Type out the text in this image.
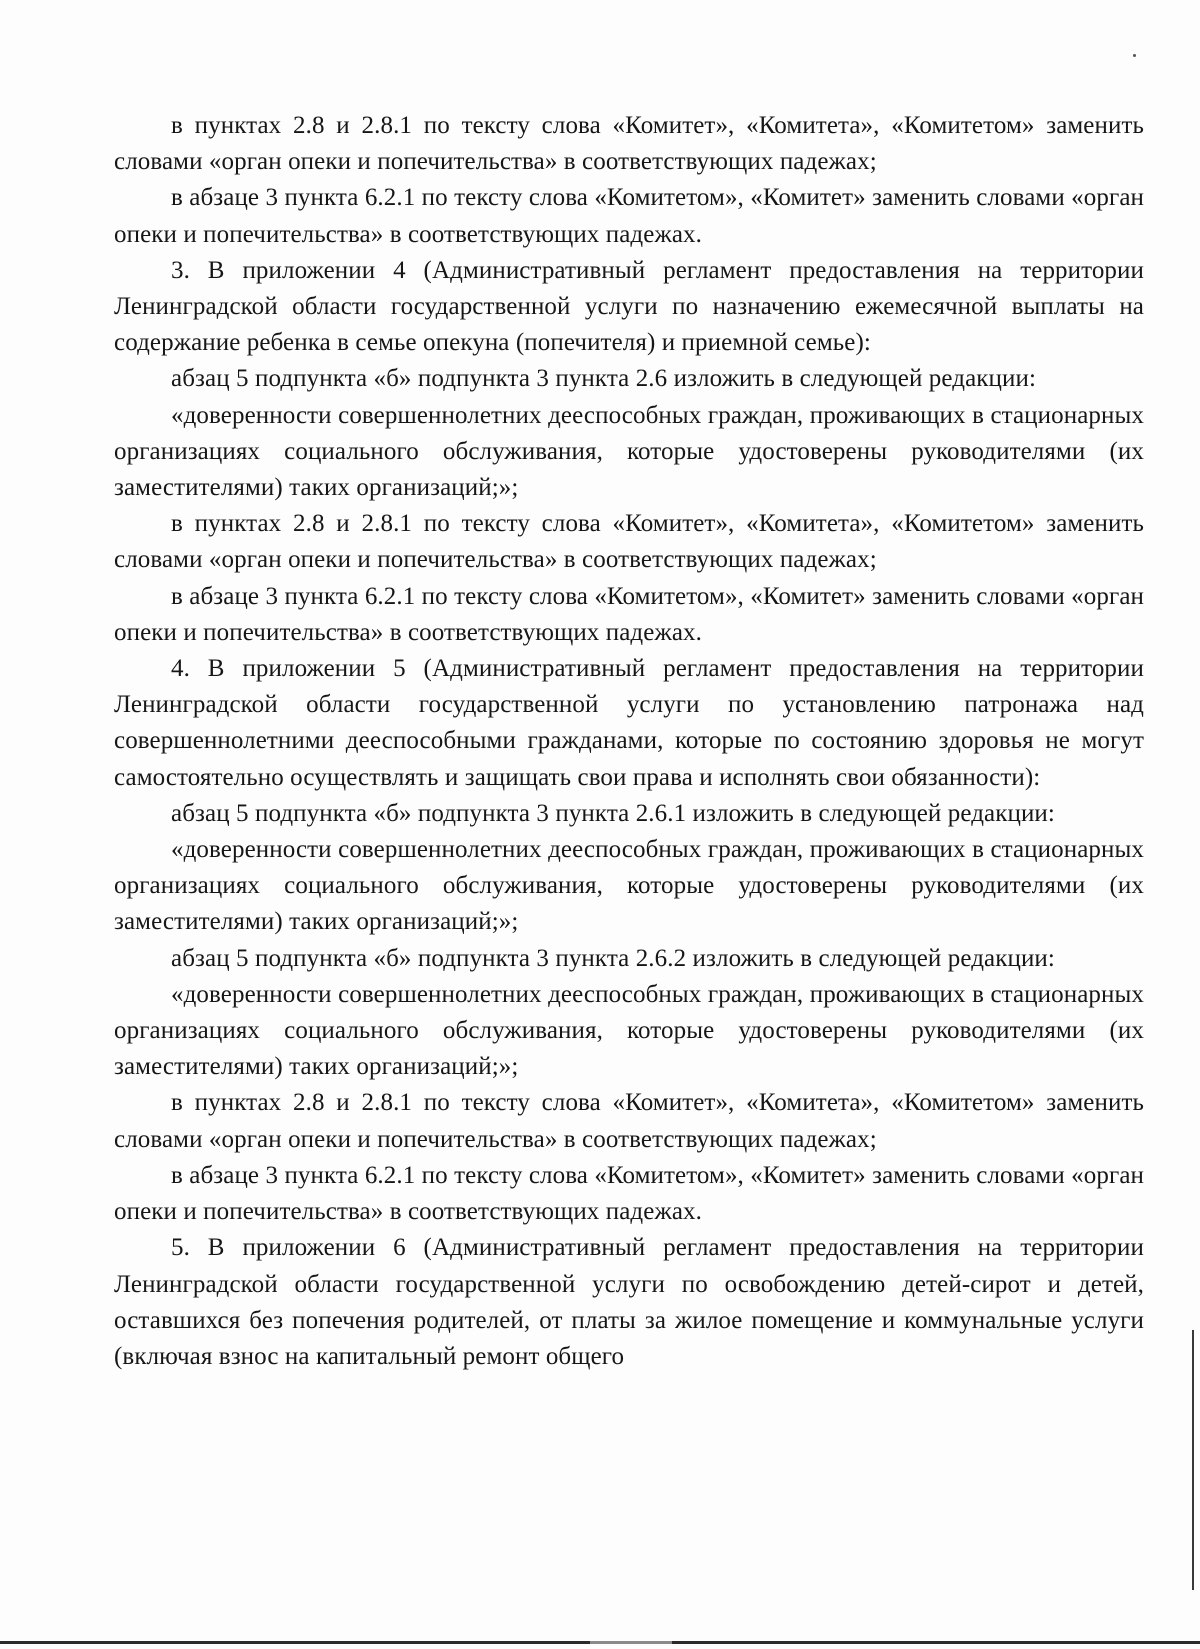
в пунктах 2.8 и 2.8.1 по тексту слова «Комитет», «Комитета», «Комитетом» заменить словами «орган опеки и попечительства» в соответствующих падежах;

в абзаце 3 пункта 6.2.1 по тексту слова «Комитетом», «Комитет» заменить словами «орган опеки и попечительства» в соответствующих падежах.

3. В приложении 4 (Административный регламент предоставления на территории Ленинградской области государственной услуги по назначению ежемесячной выплаты на содержание ребенка в семье опекуна (попечителя) и приемной семье):

абзац 5 подпункта «б» подпункта 3 пункта 2.6 изложить в следующей редакции:

«доверенности совершеннолетних дееспособных граждан, проживающих в стационарных организациях социального обслуживания, которые удостоверены руководителями (их заместителями) таких организаций;»;

в пунктах 2.8 и 2.8.1 по тексту слова «Комитет», «Комитета», «Комитетом» заменить словами «орган опеки и попечительства» в соответствующих падежах;

в абзаце 3 пункта 6.2.1 по тексту слова «Комитетом», «Комитет» заменить словами «орган опеки и попечительства» в соответствующих падежах.

4. В приложении 5 (Административный регламент предоставления на территории Ленинградской области государственной услуги по установлению патронажа над совершеннолетними дееспособными гражданами, которые по состоянию здоровья не могут самостоятельно осуществлять и защищать свои права и исполнять свои обязанности):

абзац 5 подпункта «б» подпункта 3 пункта 2.6.1 изложить в следующей редакции:

«доверенности совершеннолетних дееспособных граждан, проживающих в стационарных организациях социального обслуживания, которые удостоверены руководителями (их заместителями) таких организаций;»;

абзац 5 подпункта «б» подпункта 3 пункта 2.6.2 изложить в следующей редакции:

«доверенности совершеннолетних дееспособных граждан, проживающих в стационарных организациях социального обслуживания, которые удостоверены руководителями (их заместителями) таких организаций;»;

в пунктах 2.8 и 2.8.1 по тексту слова «Комитет», «Комитета», «Комитетом» заменить словами «орган опеки и попечительства» в соответствующих падежах;

в абзаце 3 пункта 6.2.1 по тексту слова «Комитетом», «Комитет» заменить словами «орган опеки и попечительства» в соответствующих падежах.

5. В приложении 6 (Административный регламент предоставления на территории Ленинградской области государственной услуги по освобождению детей-сирот и детей, оставшихся без попечения родителей, от платы за жилое помещение и коммунальные услуги (включая взнос на капитальный ремонт общего
